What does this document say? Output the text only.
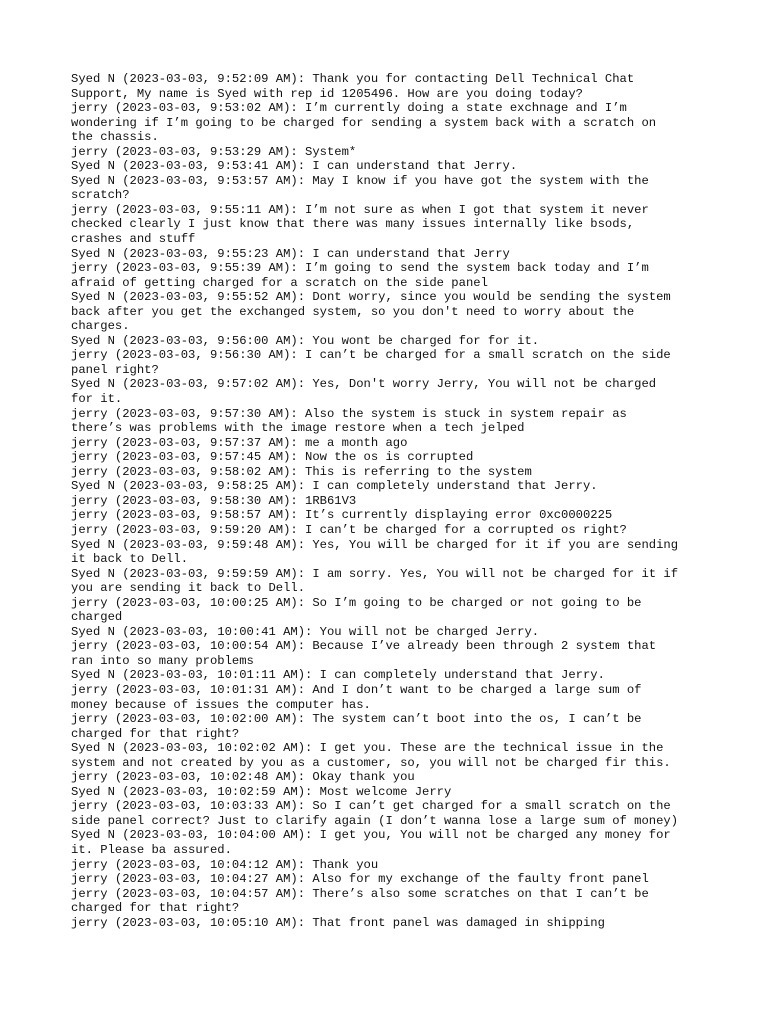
Syed N (2023-03-03, 9:52:09 AM): Thank you for contacting Dell Technical Chat
Support, My name is Syed with rep id 1205496. How are you doing today?
jerry (2023-03-03, 9:53:02 AM): I’m currently doing a state exchnage and I’m
wondering if I’m going to be charged for sending a system back with a scratch on
the chassis.
jerry (2023-03-03, 9:53:29 AM): System*
Syed N (2023-03-03, 9:53:41 AM): I can understand that Jerry.
Syed N (2023-03-03, 9:53:57 AM): May I know if you have got the system with the
scratch?
jerry (2023-03-03, 9:55:11 AM): I’m not sure as when I got that system it never
checked clearly I just know that there was many issues internally like bsods,
crashes and stuff
Syed N (2023-03-03, 9:55:23 AM): I can understand that Jerry
jerry (2023-03-03, 9:55:39 AM): I’m going to send the system back today and I’m
afraid of getting charged for a scratch on the side panel
Syed N (2023-03-03, 9:55:52 AM): Dont worry, since you would be sending the system
back after you get the exchanged system, so you don't need to worry about the
charges.
Syed N (2023-03-03, 9:56:00 AM): You wont be charged for for it.
jerry (2023-03-03, 9:56:30 AM): I can’t be charged for a small scratch on the side
panel right?
Syed N (2023-03-03, 9:57:02 AM): Yes, Don't worry Jerry, You will not be charged
for it.
jerry (2023-03-03, 9:57:30 AM): Also the system is stuck in system repair as
there’s was problems with the image restore when a tech jelped
jerry (2023-03-03, 9:57:37 AM): me a month ago
jerry (2023-03-03, 9:57:45 AM): Now the os is corrupted
jerry (2023-03-03, 9:58:02 AM): This is referring to the system
Syed N (2023-03-03, 9:58:25 AM): I can completely understand that Jerry.
jerry (2023-03-03, 9:58:30 AM): 1RB61V3
jerry (2023-03-03, 9:58:57 AM): It’s currently displaying error 0xc0000225
jerry (2023-03-03, 9:59:20 AM): I can’t be charged for a corrupted os right?
Syed N (2023-03-03, 9:59:48 AM): Yes, You will be charged for it if you are sending
it back to Dell.
Syed N (2023-03-03, 9:59:59 AM): I am sorry. Yes, You will not be charged for it if
you are sending it back to Dell.
jerry (2023-03-03, 10:00:25 AM): So I’m going to be charged or not going to be
charged
Syed N (2023-03-03, 10:00:41 AM): You will not be charged Jerry.
jerry (2023-03-03, 10:00:54 AM): Because I’ve already been through 2 system that
ran into so many problems
Syed N (2023-03-03, 10:01:11 AM): I can completely understand that Jerry.
jerry (2023-03-03, 10:01:31 AM): And I don’t want to be charged a large sum of
money because of issues the computer has.
jerry (2023-03-03, 10:02:00 AM): The system can’t boot into the os, I can’t be
charged for that right?
Syed N (2023-03-03, 10:02:02 AM): I get you. These are the technical issue in the
system and not created by you as a customer, so, you will not be charged fir this.
jerry (2023-03-03, 10:02:48 AM): Okay thank you
Syed N (2023-03-03, 10:02:59 AM): Most welcome Jerry
jerry (2023-03-03, 10:03:33 AM): So I can’t get charged for a small scratch on the
side panel correct? Just to clarify again (I don’t wanna lose a large sum of money)
Syed N (2023-03-03, 10:04:00 AM): I get you, You will not be charged any money for
it. Please ba assured.
jerry (2023-03-03, 10:04:12 AM): Thank you
jerry (2023-03-03, 10:04:27 AM): Also for my exchange of the faulty front panel
jerry (2023-03-03, 10:04:57 AM): There’s also some scratches on that I can’t be
charged for that right?
jerry (2023-03-03, 10:05:10 AM): That front panel was damaged in shipping
